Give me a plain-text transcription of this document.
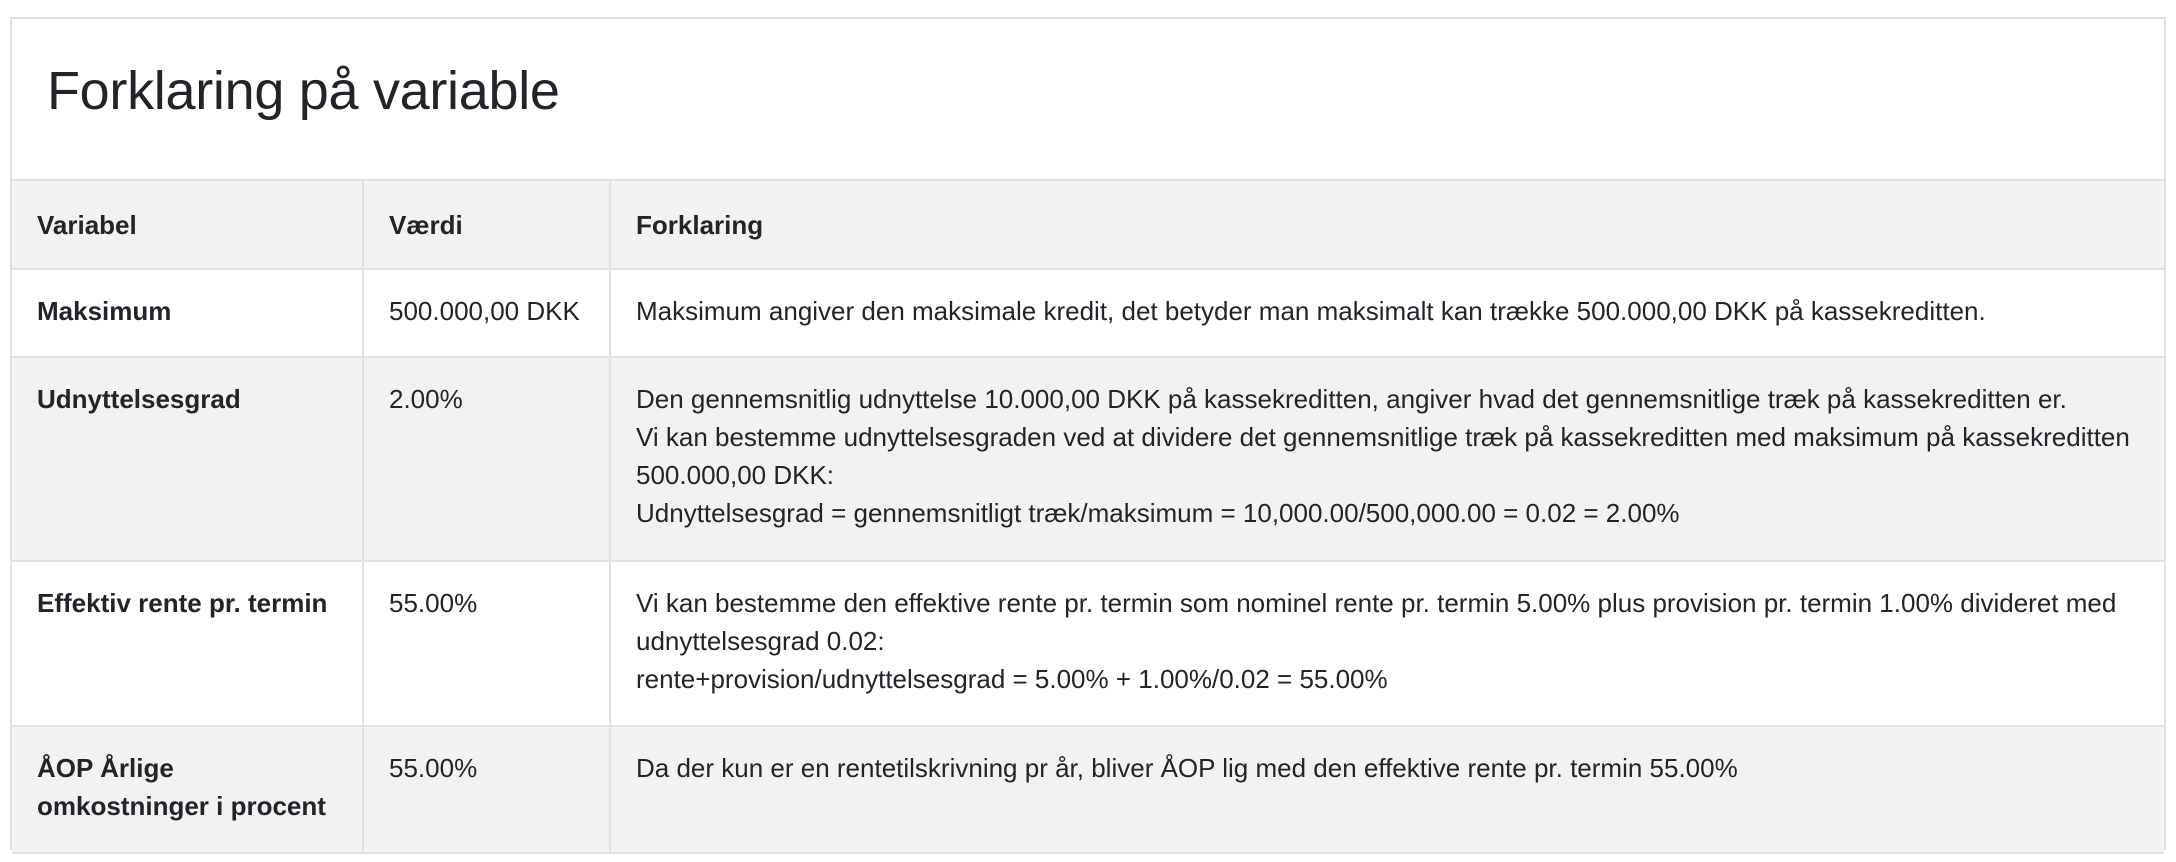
Forklaring på variable
Variabel	Værdi	Forklaring
Maksimum	500.000,00 DKK	Maksimum angiver den maksimale kredit, det betyder man maksimalt kan trække 500.000,00 DKK på kassekreditten.

Udnyttelsesgrad	2.00%	Den gennemsnitlig udnyttelse 10.000,00 DKK på kassekreditten, angiver hvad det gennemsnitlige træk på kassekreditten er.
Vi kan bestemme udnyttelsesgraden ved at dividere det gennemsnitlige træk på kassekreditten med maksimum på kassekreditten 500.000,00 DKK:
Udnyttelsesgrad = gennemsnitligt træk/maksimum = 10,000.00/500,000.00 = 0.02 = 2.00%

Effektiv rente pr. termin	55.00%	Vi kan bestemme den effektive rente pr. termin som nominel rente pr. termin 5.00% plus provision pr. termin 1.00% divideret med udnyttelsesgrad 0.02:
rente+provision/udnyttelsesgrad = 5.00% + 1.00%/0.02 = 55.00%

ÅOP Årlige omkostninger i procent	55.00%	Da der kun er en rentetilskrivning pr år, bliver ÅOP lig med den effektive rente pr. termin 55.00%
